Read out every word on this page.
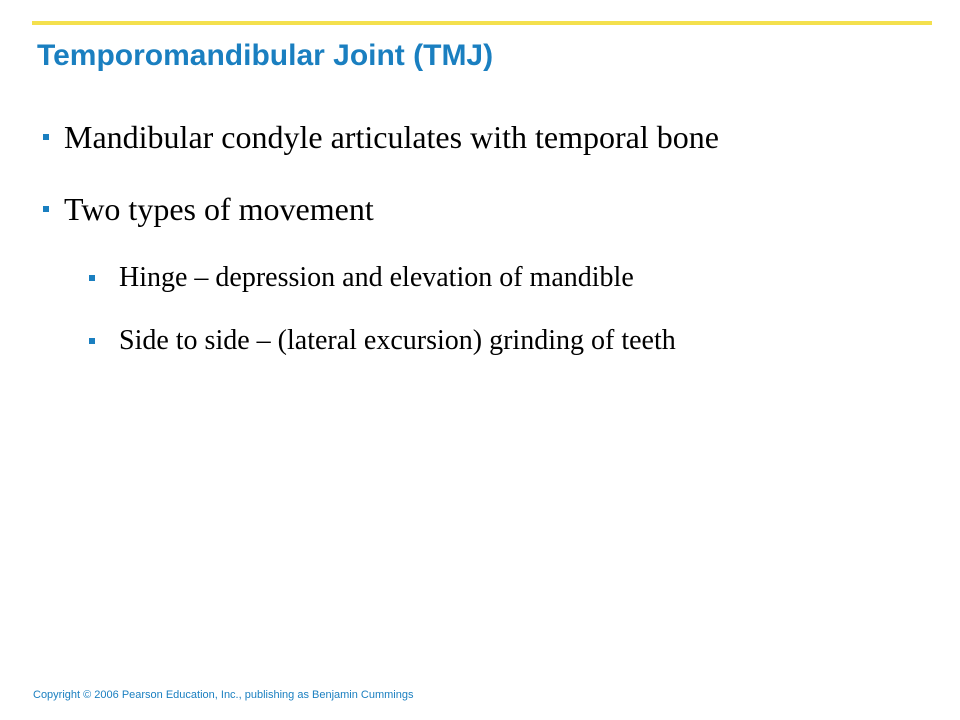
Temporomandibular Joint (TMJ)
Mandibular condyle articulates with temporal bone
Two types of movement
Hinge – depression and elevation of mandible
Side to side – (lateral excursion) grinding of teeth
Copyright © 2006 Pearson Education, Inc., publishing as Benjamin Cummings
